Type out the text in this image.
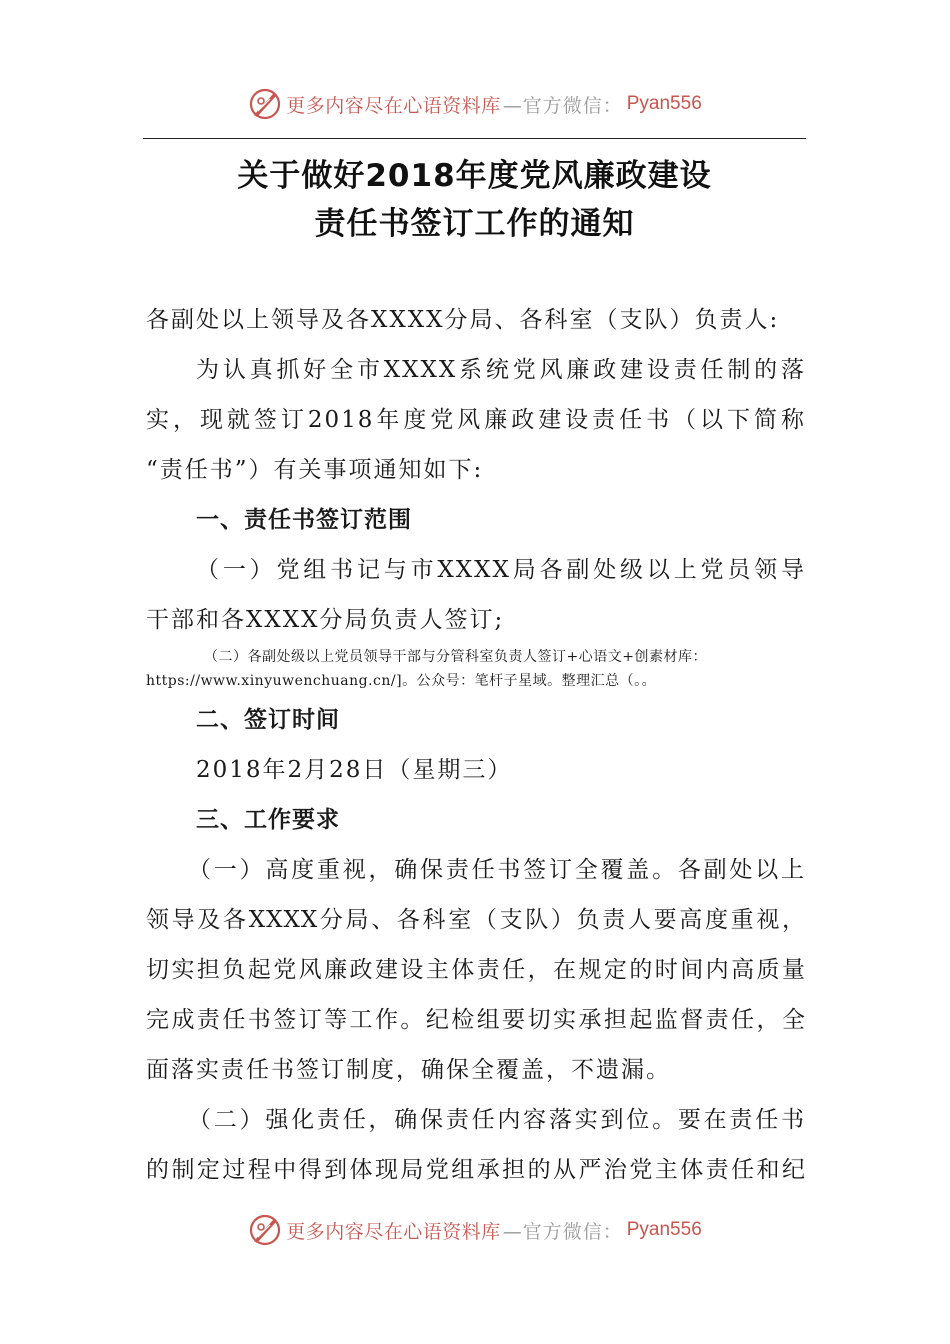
更多内容尽在心语资料库 —官方微信： Pyan556
关于做好2018年度党风廉政建设
责任书签订工作的通知
各副处以上领导及各XXXX分局、各科室（支队）负责人:
为认真抓好全市XXXX系统党风廉政建设责任制的落
实，现就签订2018年度党风廉政建设责任书（以下简称
“责任书”）有关事项通知如下:
一、责任书签订范围
（一）党组书记与市XXXX局各副处级以上党员领导
干部和各XXXX分局负责人签订;
（二）各副处级以上党员领导干部与分管科室负责人签订+心语文+创素材库：
https://www.xinyuwenchuang.cn/]。公众号：笔杆子星域。整理汇总（。。
二、签订时间
2018年2月28日（星期三）
三、工作要求
（一）高度重视，确保责任书签订全覆盖。各副处以上
领导及各XXXX分局、各科室（支队）负责人要高度重视，
切实担负起党风廉政建设主体责任，在规定的时间内高质量
完成责任书签订等工作。纪检组要切实承担起监督责任，全
面落实责任书签订制度，确保全覆盖，不遗漏。
（二）强化责任，确保责任内容落实到位。要在责任书
的制定过程中得到体现局党组承担的从严治党主体责任和纪
更多内容尽在心语资料库 —官方微信： Pyan556
